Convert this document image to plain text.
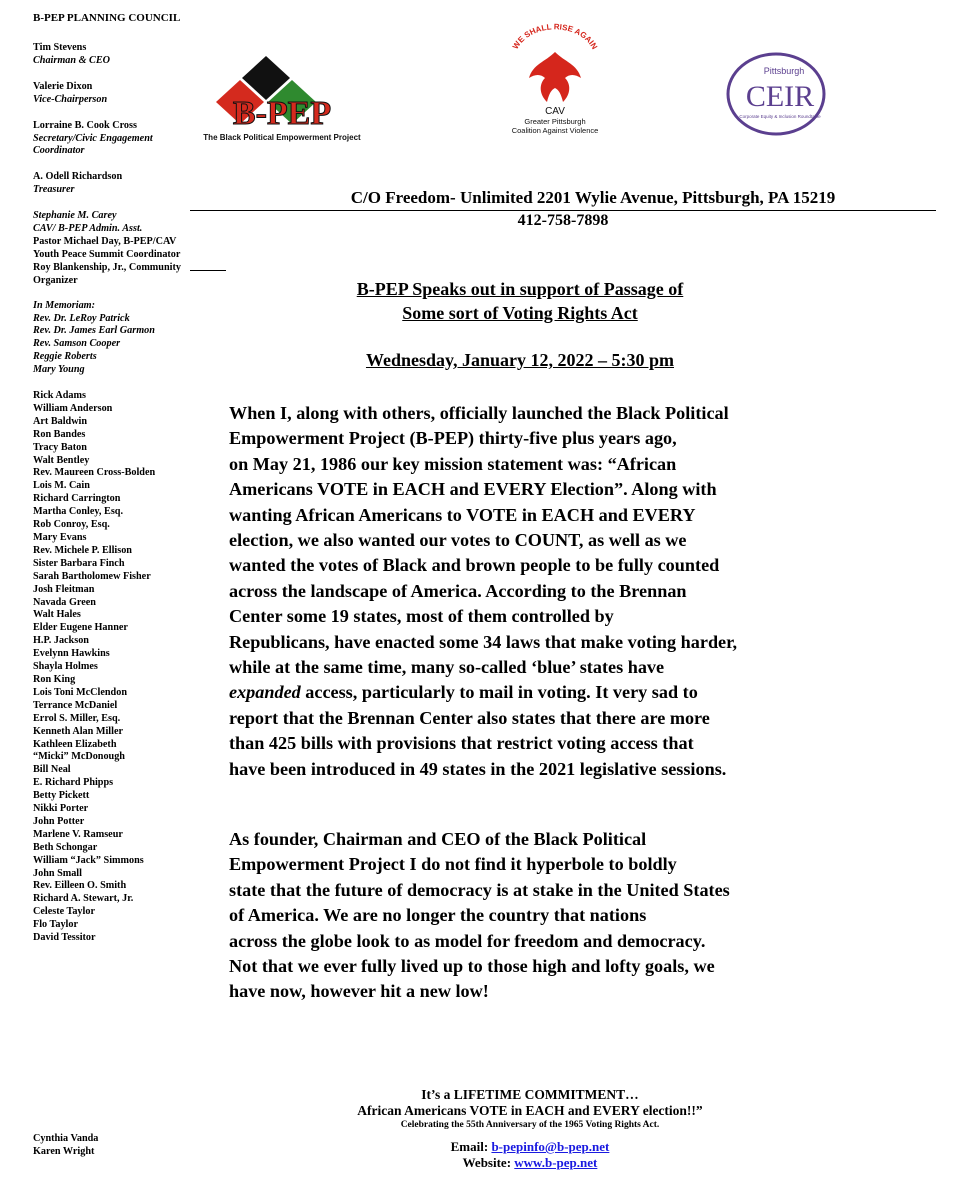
B-PEP PLANNING COUNCIL
Tim Stevens
Chairman & CEO
Valerie Dixon
Vice-Chairperson
Lorraine B. Cook Cross
Secretary/Civic Engagement Coordinator
A. Odell Richardson
Treasurer
Stephanie M. Carey
CAV/ B-PEP Admin. Asst.
Pastor Michael Day, B-PEP/CAV Youth Peace Summit Coordinator
Roy Blankenship, Jr., Community Organizer
In Memoriam:
Rev. Dr. LeRoy Patrick
Rev. Dr. James Earl Garmon
Rev. Samson Cooper
Reggie Roberts
Mary Young
Rick Adams
William Anderson
Art Baldwin
Ron Bandes
Tracy Baton
Walt Bentley
Rev. Maureen Cross-Bolden
Lois M. Cain
Richard Carrington
Martha Conley, Esq.
Rob Conroy, Esq.
Mary Evans
Rev. Michele P. Ellison
Sister Barbara Finch
Sarah Bartholomew Fisher
Josh Fleitman
Navada Green
Walt Hales
Elder Eugene Hanner
H.P. Jackson
Evelynn Hawkins
Shayla Holmes
Ron King
Lois Toni McClendon
Terrance McDaniel
Errol S. Miller, Esq.
Kenneth Alan Miller
Kathleen Elizabeth
“Micki” McDonough
Bill Neal
E. Richard Phipps
Betty Pickett
Nikki Porter
John Potter
Marlene V. Ramseur
Beth Schongar
William “Jack” Simmons
John Small
Rev. Eilleen O. Smith
Richard A. Stewart, Jr.
Celeste Taylor
Flo Taylor
David Tessitor
Cynthia Vanda
Karen Wright
B-PEP
The Black Political Empowerment Project
WE SHALL RISE AGAIN
CAV
Greater Pittsburgh
Coalition Against Violence
Pittsburgh
CEIR
Corporate Equity & Inclusion Roundtable
C/O Freedom- Unlimited 2201 Wylie Avenue, Pittsburgh, PA 15219
412-758-7898
B-PEP Speaks out in support of Passage of
Some sort of Voting Rights Act
Wednesday, January 12, 2022 – 5:30 pm
When I, along with others, officially launched the Black Political
Empowerment Project (B-PEP) thirty-five plus years ago,
on May 21, 1986 our key mission statement was: “African
Americans VOTE in EACH and EVERY Election”. Along with
wanting African Americans to VOTE in EACH and EVERY
election, we also wanted our votes to COUNT, as well as we
wanted the votes of Black and brown people to be fully counted
across the landscape of America. According to the Brennan
Center some 19 states, most of them controlled by
Republicans, have enacted some 34 laws that make voting harder,
while at the same time, many so-called ‘blue’ states have
expanded access, particularly to mail in voting. It very sad to
report that the Brennan Center also states that there are more
than 425 bills with provisions that restrict voting access that
have been introduced in 49 states in the 2021 legislative sessions.
As founder, Chairman and CEO of the Black Political
Empowerment Project I do not find it hyperbole to boldly
state that the future of democracy is at stake in the United States
of America. We are no longer the country that nations
across the globe look to as model for freedom and democracy.
Not that we ever fully lived up to those high and lofty goals, we
have now, however hit a new low!
It’s a LIFETIME COMMITMENT…
African Americans VOTE in EACH and EVERY election!!”
Celebrating the 55th Anniversary of the 1965 Voting Rights Act.
Email: b-pepinfo@b-pep.net
Website: www.b-pep.net
